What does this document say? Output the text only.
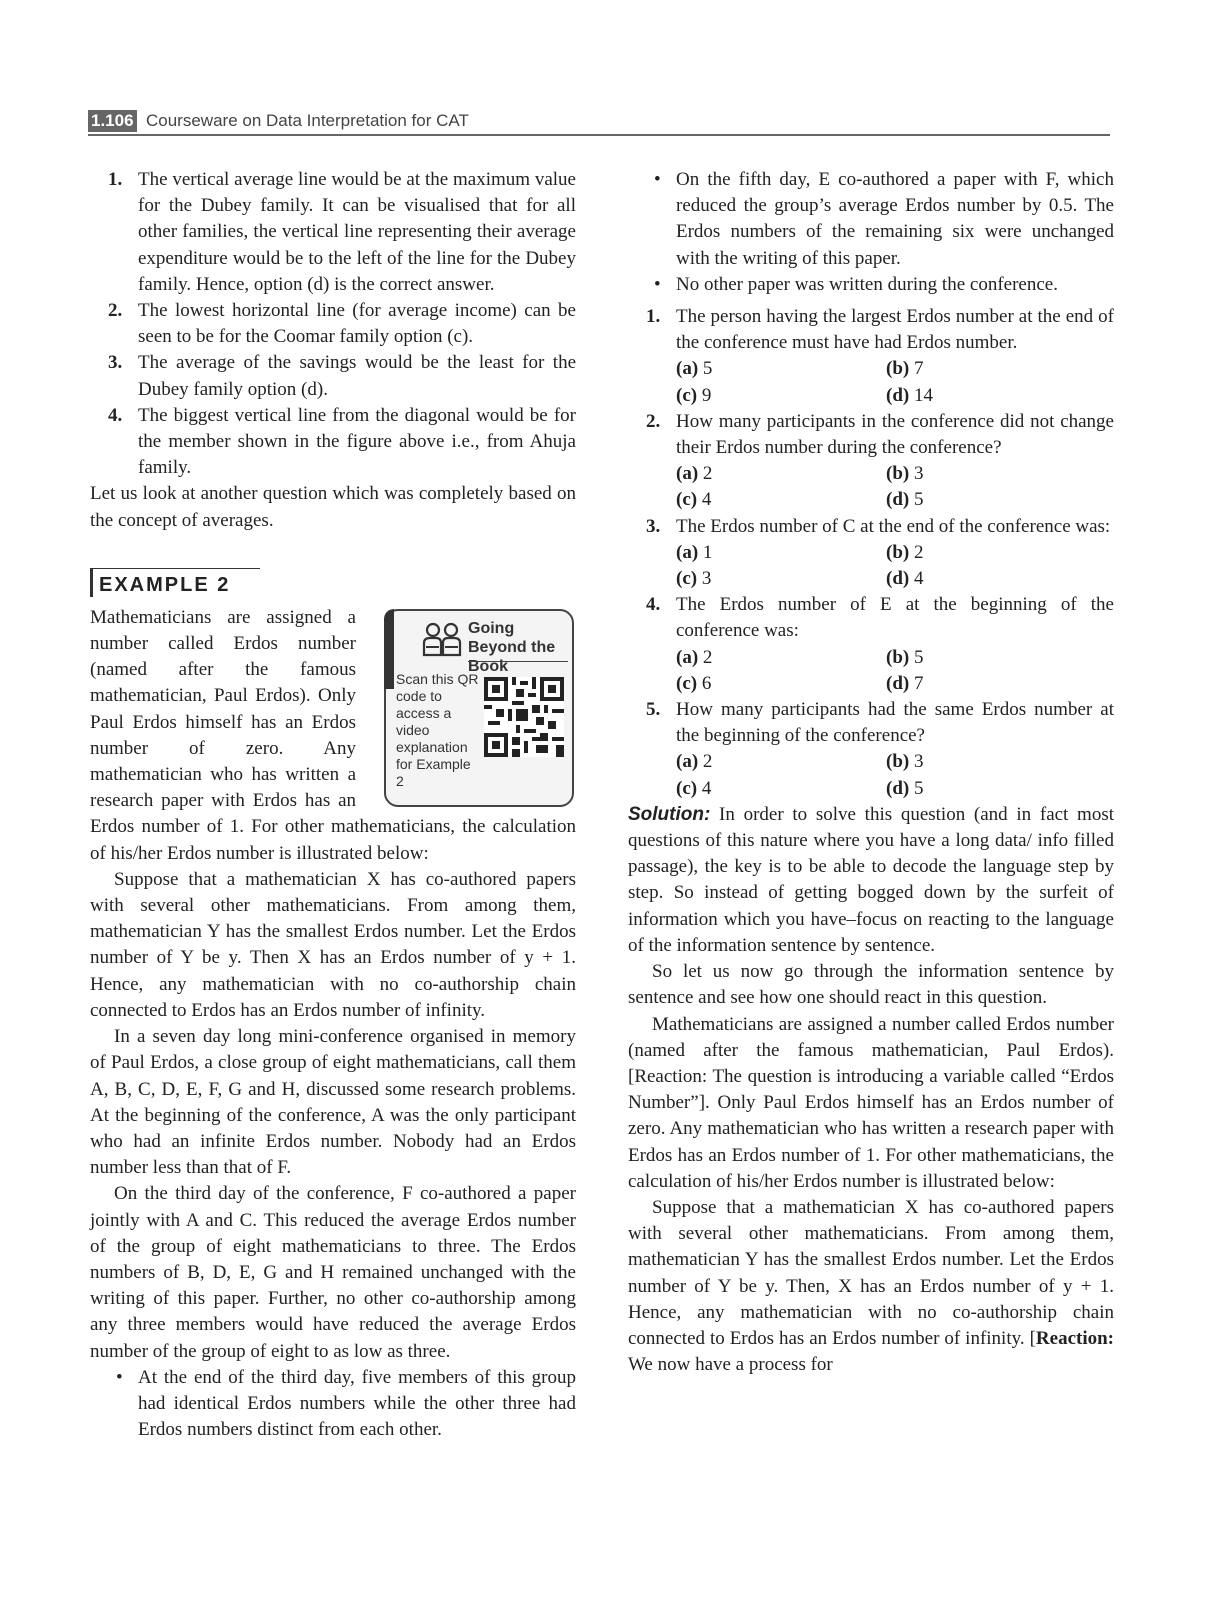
1.106 Courseware on Data Interpretation for CAT
1. The vertical average line would be at the maximum value for the Dubey family. It can be visualised that for all other families, the vertical line representing their average expenditure would be to the left of the line for the Dubey family. Hence, option (d) is the correct answer.
2. The lowest horizontal line (for average income) can be seen to be for the Coomar family option (c).
3. The average of the savings would be the least for the Dubey family option (d).
4. The biggest vertical line from the diagonal would be for the member shown in the figure above i.e., from Ahuja family.

Let us look at another question which was completely based on the concept of averages.

EXAMPLE 2
Going Beyond the Book
Scan this QR code to access a video explanation for Example 2

Mathematicians are assigned a number called Erdos number (named after the famous mathematician, Paul Erdos). Only Paul Erdos himself has an Erdos number of zero. Any mathematician who has written a research paper with Erdos has an Erdos number of 1. For other mathematicians, the calculation of his/her Erdos number is illustrated below:

Suppose that a mathematician X has co-authored papers with several other mathematicians. From among them, mathematician Y has the smallest Erdos number. Let the Erdos number of Y be y. Then X has an Erdos number of y + 1. Hence, any mathematician with no co-authorship chain connected to Erdos has an Erdos number of infinity.

In a seven day long mini-conference organised in memory of Paul Erdos, a close group of eight mathematicians, call them A, B, C, D, E, F, G and H, discussed some research problems. At the beginning of the conference, A was the only participant who had an infinite Erdos number. Nobody had an Erdos number less than that of F.

On the third day of the conference, F co-authored a paper jointly with A and C. This reduced the average Erdos number of the group of eight mathematicians to three. The Erdos numbers of B, D, E, G and H remained unchanged with the writing of this paper. Further, no other co-authorship among any three members would have reduced the average Erdos number of the group of eight to as low as three.

• At the end of the third day, five members of this group had identical Erdos numbers while the other three had Erdos numbers distinct from each other.
• On the fifth day, E co-authored a paper with F, which reduced the group’s average Erdos number by 0.5. The Erdos numbers of the remaining six were unchanged with the writing of this paper.
• No other paper was written during the conference.
1. The person having the largest Erdos number at the end of the conference must have had Erdos number.
(a) 5	(b) 7
(c) 9	(d) 14
2. How many participants in the conference did not change their Erdos number during the conference?
(a) 2	(b) 3
(c) 4	(d) 5
3. The Erdos number of C at the end of the conference was:
(a) 1	(b) 2
(c) 3	(d) 4
4. The Erdos number of E at the beginning of the conference was:
(a) 2	(b) 5
(c) 6	(d) 7
5. How many participants had the same Erdos number at the beginning of the conference?
(a) 2	(b) 3
(c) 4	(d) 5

Solution: In order to solve this question (and in fact most questions of this nature where you have a long data/ info filled passage), the key is to be able to decode the language step by step. So instead of getting bogged down by the surfeit of information which you have–focus on reacting to the language of the information sentence by sentence.

So let us now go through the information sentence by sentence and see how one should react in this question.

Mathematicians are assigned a number called Erdos number (named after the famous mathematician, Paul Erdos). [Reaction: The question is introducing a variable called “Erdos Number”]. Only Paul Erdos himself has an Erdos number of zero. Any mathematician who has written a research paper with Erdos has an Erdos number of 1. For other mathematicians, the calculation of his/her Erdos number is illustrated below:

Suppose that a mathematician X has co-authored papers with several other mathematicians. From among them, mathematician Y has the smallest Erdos number. Let the Erdos number of Y be y. Then, X has an Erdos number of y + 1. Hence, any mathematician with no co-authorship chain connected to Erdos has an Erdos number of infinity. [Reaction: We now have a process for
